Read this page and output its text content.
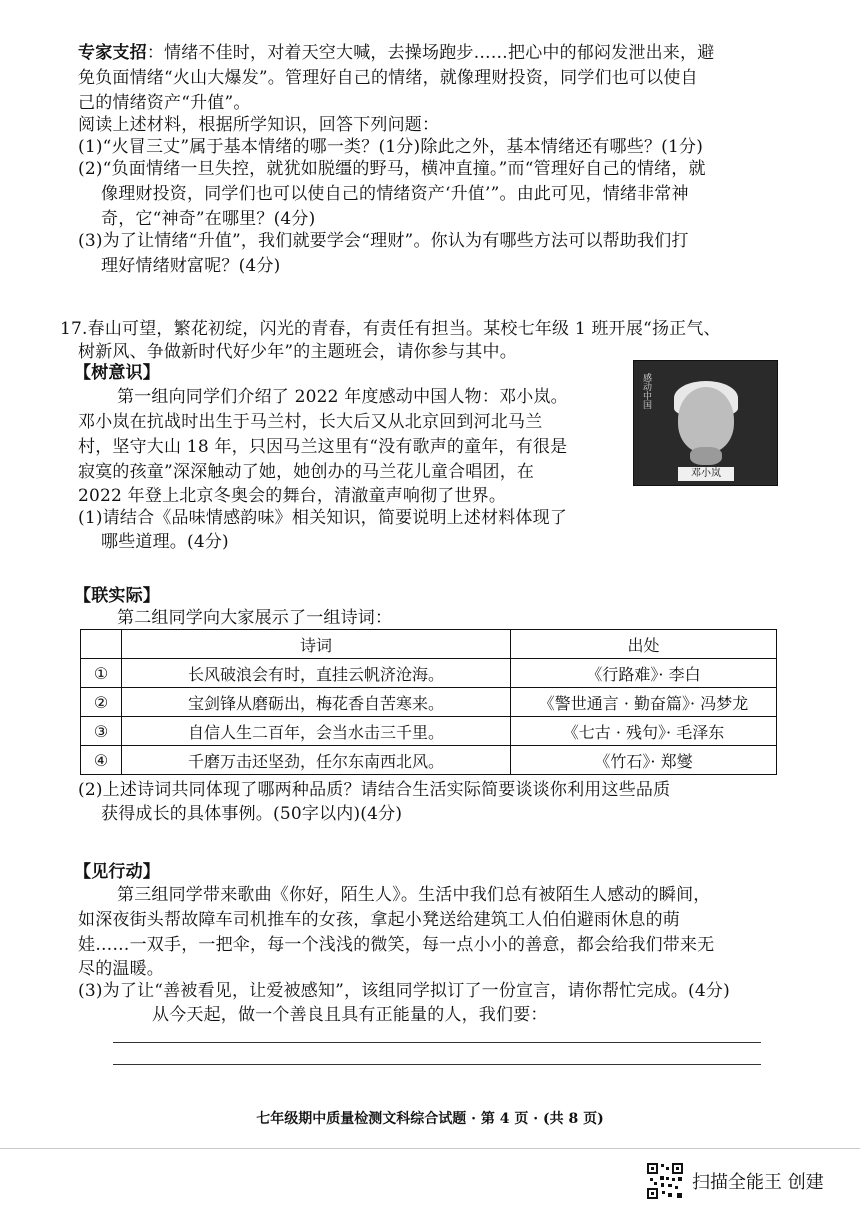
专家支招：情绪不佳时，对着天空大喊，去操场跑步……把心中的郁闷发泄出来，避
免负面情绪“火山大爆发”。管理好自己的情绪，就像理财投资，同学们也可以使自
己的情绪资产“升值”。
阅读上述材料，根据所学知识，回答下列问题：
(1)“火冒三丈”属于基本情绪的哪一类？(1分)除此之外，基本情绪还有哪些？(1分)
(2)“负面情绪一旦失控，就犹如脱缰的野马，横冲直撞。”而“管理好自己的情绪，就
像理财投资，同学们也可以使自己的情绪资产‘升值’”。由此可见，情绪非常神
奇，它“神奇”在哪里？(4分)
(3)为了让情绪“升值”，我们就要学会“理财”。你认为有哪些方法可以帮助我们打
理好情绪财富呢？(4分)
17.春山可望，繁花初绽，闪光的青春，有责任有担当。某校七年级 1 班开展“扬正气、
树新风、争做新时代好少年”的主题班会，请你参与其中。
【树意识】
第一组向同学们介绍了 2022 年度感动中国人物：邓小岚。
邓小岚在抗战时出生于马兰村，长大后又从北京回到河北马兰
村，坚守大山 18 年，只因马兰这里有“没有歌声的童年，有很是
寂寞的孩童”深深触动了她，她创办的马兰花儿童合唱团，在
2022 年登上北京冬奥会的舞台，清澈童声响彻了世界。
(1)请结合《品味情感韵味》相关知识，简要说明上述材料体现了
哪些道理。(4分)
感动中国
邓小岚
【联实际】
第二组同学向大家展示了一组诗词：
	诗词	出处
①	长风破浪会有时，直挂云帆济沧海。	《行路难》· 李白
②	宝剑锋从磨砺出，梅花香自苦寒来。	《警世通言 · 勤奋篇》· 冯梦龙
③	自信人生二百年，会当水击三千里。	《七古 · 残句》· 毛泽东
④	千磨万击还坚劲，任尔东南西北风。	《竹石》· 郑燮
(2)上述诗词共同体现了哪两种品质？请结合生活实际简要谈谈你利用这些品质
获得成长的具体事例。(50字以内)(4分)
【见行动】
第三组同学带来歌曲《你好，陌生人》。生活中我们总有被陌生人感动的瞬间，
如深夜街头帮故障车司机推车的女孩，拿起小凳送给建筑工人伯伯避雨休息的萌
娃……一双手，一把伞，每一个浅浅的微笑，每一点小小的善意，都会给我们带来无
尽的温暖。
(3)为了让“善被看见，让爱被感知”，该组同学拟订了一份宣言，请你帮忙完成。(4分)
从今天起，做一个善良且具有正能量的人，我们要：
七年级期中质量检测文科综合试题 · 第 4 页 · (共 8 页)
扫描全能王 创建
